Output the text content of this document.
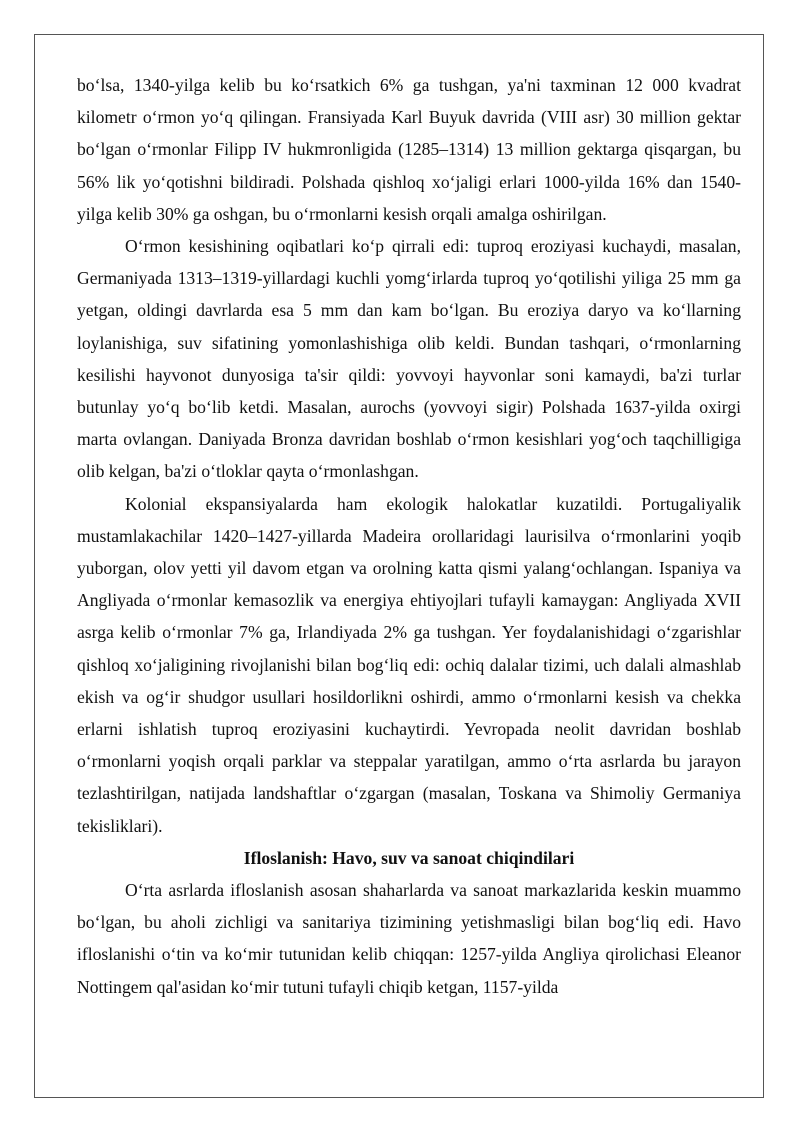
bo‘lsa, 1340-yilga kelib bu ko‘rsatkich 6% ga tushgan, ya'ni taxminan 12 000 kvadrat kilometr o‘rmon yo‘q qilingan. Fransiyada Karl Buyuk davrida (VIII asr) 30 million gektar bo‘lgan o‘rmonlar Filipp IV hukmronligida (1285–1314) 13 million gektarga qisqargan, bu 56% lik yo‘qotishni bildiradi. Polshada qishloq xo‘jaligi erlari 1000-yilda 16% dan 1540-yilga kelib 30% ga oshgan, bu o‘rmonlarni kesish orqali amalga oshirilgan.

O‘rmon kesishining oqibatlari ko‘p qirrali edi: tuproq eroziyasi kuchaydi, masalan, Germaniyada 1313–1319-yillardagi kuchli yomg‘irlarda tuproq yo‘qotilishi yiliga 25 mm ga yetgan, oldingi davrlarda esa 5 mm dan kam bo‘lgan. Bu eroziya daryo va ko‘llarning loylanishiga, suv sifatining yomonlashishiga olib keldi. Bundan tashqari, o‘rmonlarning kesilishi hayvonot dunyosiga ta'sir qildi: yovvoyi hayvonlar soni kamaydi, ba'zi turlar butunlay yo‘q bo‘lib ketdi. Masalan, aurochs (yovvoyi sigir) Polshada 1637-yilda oxirgi marta ovlangan. Daniyada Bronza davridan boshlab o‘rmon kesishlari yog‘och taqchilligiga olib kelgan, ba'zi o‘tloklar qayta o‘rmonlashgan.

Kolonial ekspansiyalarda ham ekologik halokatlar kuzatildi. Portugaliyalik mustamlakachilar 1420–1427-yillarda Madeira orollaridagi laurisilva o‘rmonlarini yoqib yuborgan, olov yetti yil davom etgan va orolning katta qismi yalang‘ochlangan. Ispaniya va Angliyada o‘rmonlar kemasozlik va energiya ehtiyojlari tufayli kamaygan: Angliyada XVII asrga kelib o‘rmonlar 7% ga, Irlandiyada 2% ga tushgan. Yer foydalanishidagi o‘zgarishlar qishloq xo‘jaligining rivojlanishi bilan bog‘liq edi: ochiq dalalar tizimi, uch dalali almashlab ekish va og‘ir shudgor usullari hosildorlikni oshirdi, ammo o‘rmonlarni kesish va chekka erlarni ishlatish tuproq eroziyasini kuchaytirdi. Yevropada neolit davridan boshlab o‘rmonlarni yoqish orqali parklar va steppalar yaratilgan, ammo o‘rta asrlarda bu jarayon tezlashtirilgan, natijada landshaftlar o‘zgargan (masalan, Toskana va Shimoliy Germaniya tekisliklari).

Ifloslanish: Havo, suv va sanoat chiqindilari

O‘rta asrlarda ifloslanish asosan shaharlarda va sanoat markazlarida keskin muammo bo‘lgan, bu aholi zichligi va sanitariya tizimining yetishmasligi bilan bog‘liq edi. Havo ifloslanishi o‘tin va ko‘mir tutunidan kelib chiqqan: 1257-yilda Angliya qirolichasi Eleanor Nottingem qal'asidan ko‘mir tutuni tufayli chiqib ketgan, 1157-yilda
